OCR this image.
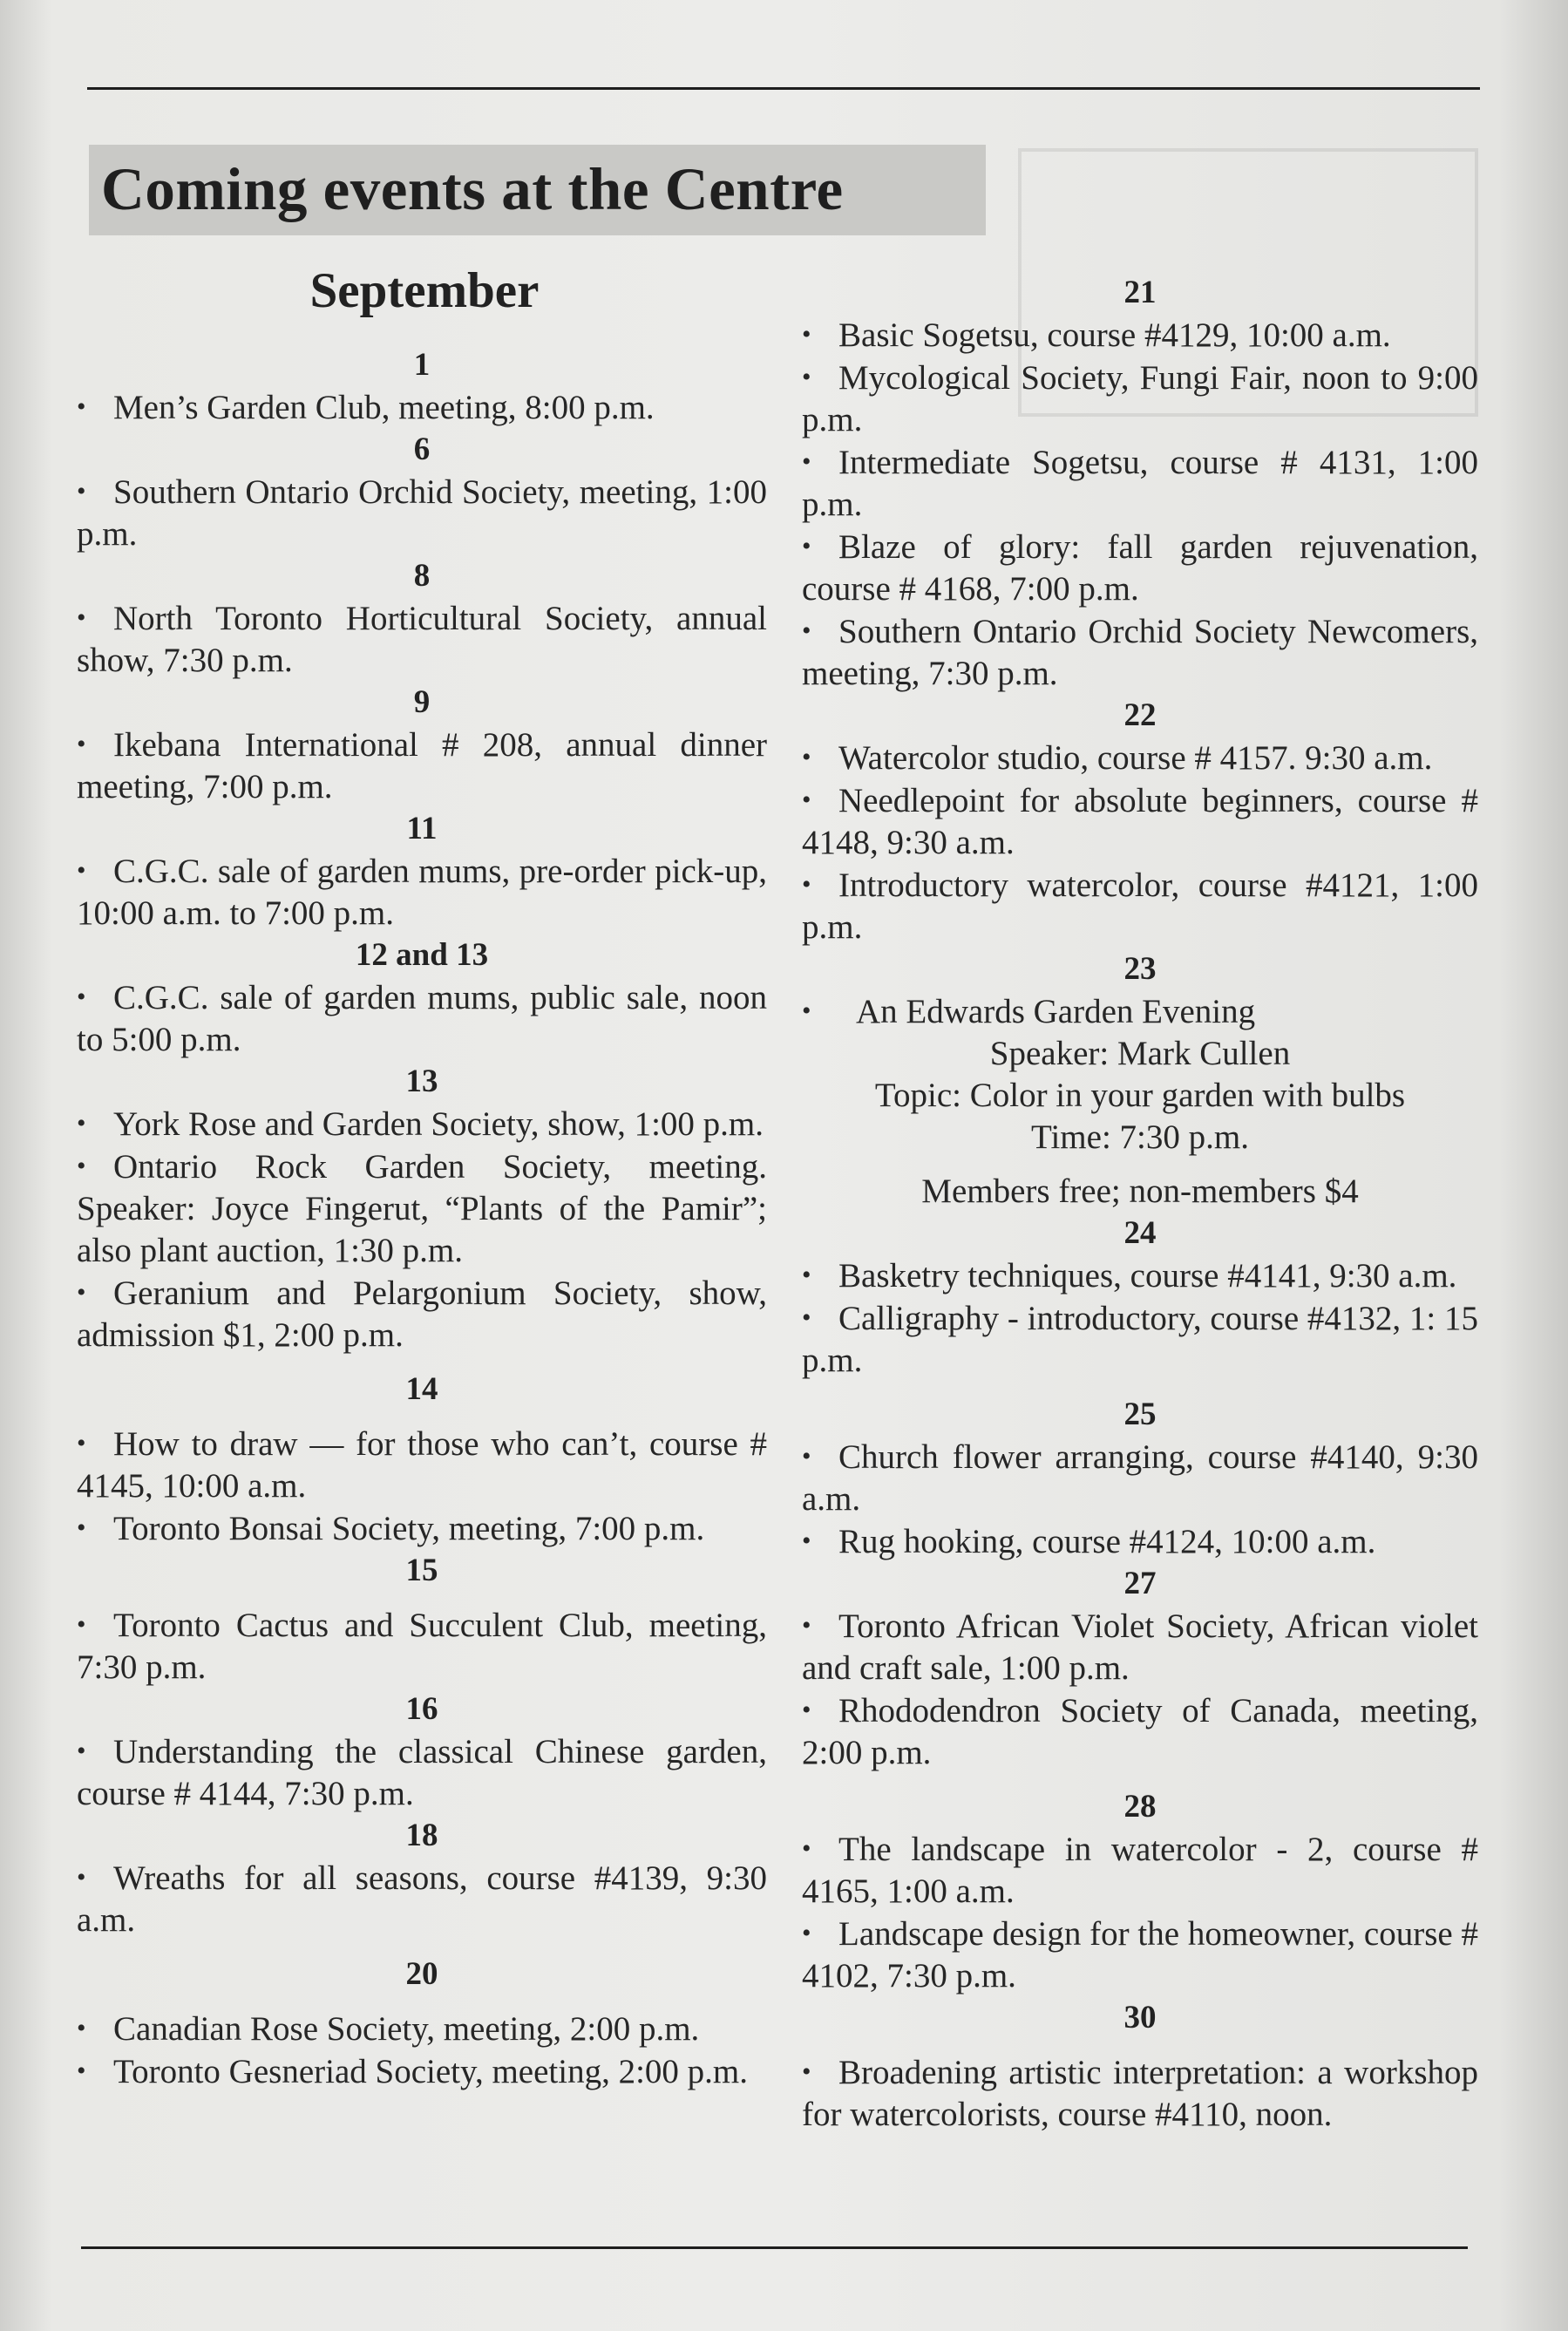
Coming events at the Centre
September
1
• Men’s Garden Club, meeting, 8:00 p.m.
6
• Southern Ontario Orchid Society, meeting, 1:00 p.m.
8
• North Toronto Horticultural Society, annual show, 7:30 p.m.
9
• Ikebana International # 208, annual dinner meeting, 7:00 p.m.
11
• C.G.C. sale of garden mums, pre-order pick-up, 10:00 a.m. to 7:00 p.m.
12 and 13
• C.G.C. sale of garden mums, public sale, noon to 5:00 p.m.
13
• York Rose and Garden Society, show, 1:00 p.m.
• Ontario Rock Garden Society, meeting. Speaker: Joyce Fingerut, “Plants of the Pamir”; also plant auction, 1:30 p.m.
• Geranium and Pelargonium Society, show, admission $1, 2:00 p.m.
14
• How to draw — for those who can’t, course # 4145, 10:00 a.m.
• Toronto Bonsai Society, meeting, 7:00 p.m.
15
• Toronto Cactus and Succulent Club, meeting, 7:30 p.m.
16
• Understanding the classical Chinese garden, course # 4144, 7:30 p.m.
18
• Wreaths for all seasons, course #4139, 9:30 a.m.
20
• Canadian Rose Society, meeting, 2:00 p.m.
• Toronto Gesneriad Society, meeting, 2:00 p.m.
21
• Basic Sogetsu, course #4129, 10:00 a.m.
• Mycological Society, Fungi Fair, noon to 9:00 p.m.
• Intermediate Sogetsu, course # 4131, 1:00 p.m.
• Blaze of glory: fall garden rejuvenation, course # 4168, 7:00 p.m.
• Southern Ontario Orchid Society Newcomers, meeting, 7:30 p.m.
22
• Watercolor studio, course # 4157. 9:30 a.m.
• Needlepoint for absolute beginners, course # 4148, 9:30 a.m.
• Introductory watercolor, course #4121, 1:00 p.m.
23
• An Edwards Garden Evening
Speaker: Mark Cullen
Topic: Color in your garden with bulbs
Time: 7:30 p.m.
Members free; non-members $4
24
• Basketry techniques, course #4141, 9:30 a.m.
• Calligraphy - introductory, course #4132, 1: 15 p.m.
25
• Church flower arranging, course #4140, 9:30 a.m.
• Rug hooking, course #4124, 10:00 a.m.
27
• Toronto African Violet Society, African violet and craft sale, 1:00 p.m.
• Rhododendron Society of Canada, meeting, 2:00 p.m.
28
• The landscape in watercolor - 2, course # 4165, 1:00 a.m.
• Landscape design for the homeowner, course # 4102, 7:30 p.m.
30
• Broadening artistic interpretation: a workshop for watercolorists, course #4110, noon.
